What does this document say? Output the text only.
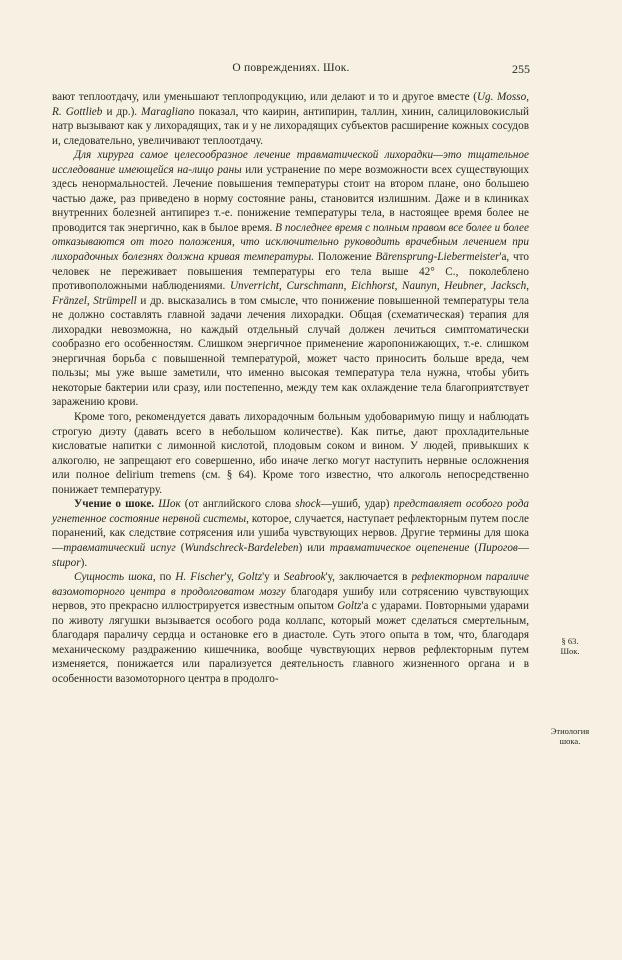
О повреждениях. Шок.	255

вают теплоотдачу, или уменьшают теплопродукцию, или делают и то и другое вместе (Ug. Mosso, R. Gottlieb и др.). Maragliano показал, что каирин, антипирин, таллин, хинин, салициловокислый натр вызывают как у лихорадящих, так и у не лихорадящих субъектов расширение кожных сосудов и, следовательно, увеличивают теплоотдачу.

Для хирурга самое целесообразное лечение травматической лихорадки—это тщательное исследование имеющейся на-лицо раны или устранение по мере возможности всех существующих здесь ненормальностей. Лечение повышения температуры стоит на втором плане, оно большею частью даже, раз приведено в норму состояние раны, становится излишним. Даже и в клиниках внутренних болезней антипирез т.-е. понижение температуры тела, в настоящее время более не проводится так энергично, как в былое время. В последнее время с полным правом все более и более отказываются от того положения, что исключительно руководить врачебным лечением при лихорадочных болезнях должна кривая температуры. Положение Bärensprung-Liebermeister'а, что человек не переживает повышения температуры его тела выше 42° С., поколеблено противоположными наблюдениями. Unverricht, Curschmann, Eichhorst, Naunyn, Heubner, Jacksch, Fränzel, Strümpell и др. высказались в том смысле, что понижение повышенной температуры тела не должно составлять главной задачи лечения лихорадки. Общая (схематическая) терапия для лихорадки невозможна, но каждый отдельный случай должен лечиться симптоматически сообразно его особенностям. Слишком энергичное применение жаропонижающих, т.-е. слишком энергичная борьба с повышенной температурой, может часто приносить больше вреда, чем пользы; мы уже выше заметили, что именно высокая температура тела нужна, чтобы убить некоторые бактерии или сразу, или постепенно, между тем как охлаждение тела благоприятствует заражению крови.

Кроме того, рекомендуется давать лихорадочным больным удобоваримую пищу и наблюдать строгую диэту (давать всего в небольшом количестве). Как питье, дают прохладительные кисловатые напитки с лимонной кислотой, плодовым соком и вином. У людей, привыкших к алкоголю, не запрещают его совершенно, ибо иначе легко могут наступить нервные осложнения или полное delirium tremens (см. § 64). Кроме того известно, что алкоголь непосредственно понижает температуру.

Учение о шоке. Шок (от английского слова shock—ушиб, удар) представляет особого рода угнетенное состояние нервной системы, которое, случается, наступает рефлекторным путем после поранений, как следствие сотрясения или ушиба чувствующих нервов. Другие термины для шока—травматический испуг (Wundschreck-Bardeleben) или травматическое оцепенение (Пирогов—stupor).

Сущность шока, по H. Fischer'у, Goltz'у и Seabrook'у, заключается в рефлекторном параличе вазомоторного центра в продолговатом мозгу благодаря ушибу или сотрясению чувствующих нервов, это прекрасно иллюстрируется известным опытом Goltz'а с ударами. Повторными ударами по животу лягушки вызывается особого рода коллапс, который может сделаться смертельным, благодаря параличу сердца и остановке его в диастоле. Суть этого опыта в том, что, благодаря механическому раздражению кишечника, вообще чувствующих нервов рефлекторным путем изменяется, понижается или парализуется деятельность главного жизненного органа и в особенности вазомоторного центра в продолго-

§ 63.
Шок.
Этиология
шока.
